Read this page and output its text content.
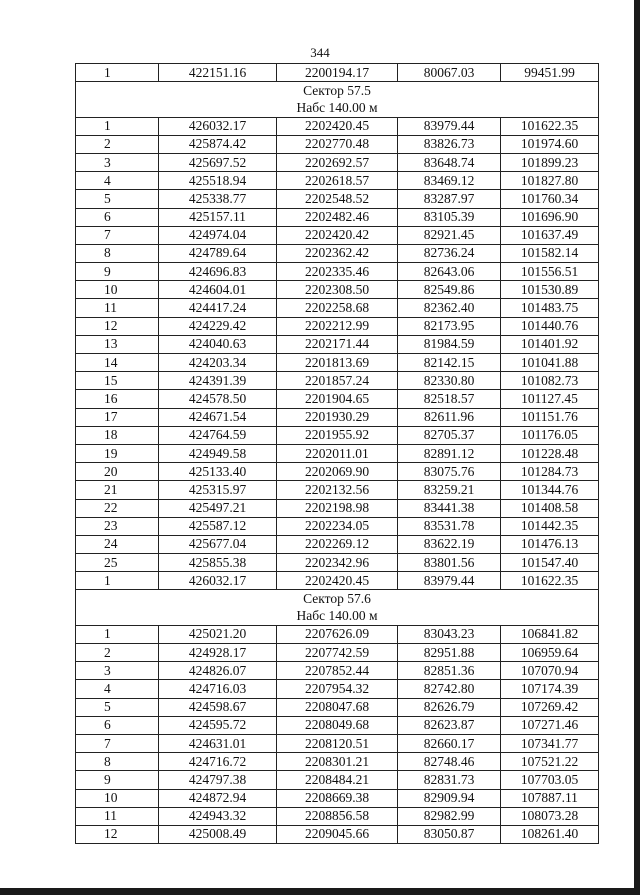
344
1	422151.16	2200194.17	80067.03	99451.99
Сектор 57.5				
Набс 140.00 м				
1	426032.17	2202420.45	83979.44	101622.35
2	425874.42	2202770.48	83826.73	101974.60
3	425697.52	2202692.57	83648.74	101899.23
4	425518.94	2202618.57	83469.12	101827.80
5	425338.77	2202548.52	83287.97	101760.34
6	425157.11	2202482.46	83105.39	101696.90
7	424974.04	2202420.42	82921.45	101637.49
8	424789.64	2202362.42	82736.24	101582.14
9	424696.83	2202335.46	82643.06	101556.51
10	424604.01	2202308.50	82549.86	101530.89
11	424417.24	2202258.68	82362.40	101483.75
12	424229.42	2202212.99	82173.95	101440.76
13	424040.63	2202171.44	81984.59	101401.92
14	424203.34	2201813.69	82142.15	101041.88
15	424391.39	2201857.24	82330.80	101082.73
16	424578.50	2201904.65	82518.57	101127.45
17	424671.54	2201930.29	82611.96	101151.76
18	424764.59	2201955.92	82705.37	101176.05
19	424949.58	2202011.01	82891.12	101228.48
20	425133.40	2202069.90	83075.76	101284.73
21	425315.97	2202132.56	83259.21	101344.76
22	425497.21	2202198.98	83441.38	101408.58
23	425587.12	2202234.05	83531.78	101442.35
24	425677.04	2202269.12	83622.19	101476.13
25	425855.38	2202342.96	83801.56	101547.40
1	426032.17	2202420.45	83979.44	101622.35
Сектор 57.6				
Набс 140.00 м				
1	425021.20	2207626.09	83043.23	106841.82
2	424928.17	2207742.59	82951.88	106959.64
3	424826.07	2207852.44	82851.36	107070.94
4	424716.03	2207954.32	82742.80	107174.39
5	424598.67	2208047.68	82626.79	107269.42
6	424595.72	2208049.68	82623.87	107271.46
7	424631.01	2208120.51	82660.17	107341.77
8	424716.72	2208301.21	82748.46	107521.22
9	424797.38	2208484.21	82831.73	107703.05
10	424872.94	2208669.38	82909.94	107887.11
11	424943.32	2208856.58	82982.99	108073.28
12	425008.49	2209045.66	83050.87	108261.40
